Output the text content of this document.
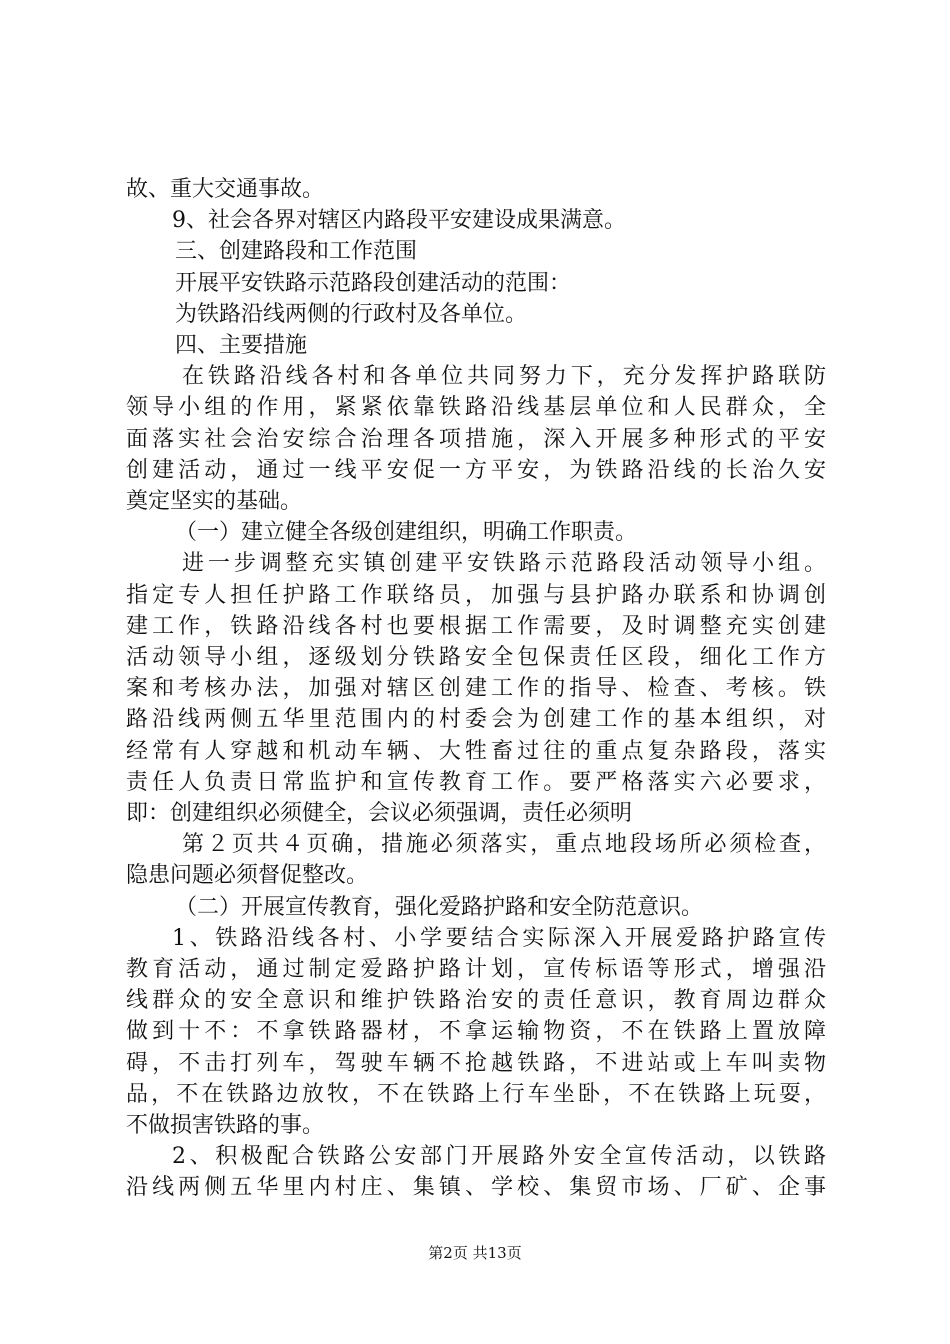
故、重大交通事故。
9、社会各界对辖区内路段平安建设成果满意。
三、创建路段和工作范围
开展平安铁路示范路段创建活动的范围：
为铁路沿线两侧的行政村及各单位。
四、主要措施
在铁路沿线各村和各单位共同努力下，充分发挥护路联防
领导小组的作用，紧紧依靠铁路沿线基层单位和人民群众，全
面落实社会治安综合治理各项措施，深入开展多种形式的平安
创建活动，通过一线平安促一方平安，为铁路沿线的长治久安
奠定坚实的基础。
（一）建立健全各级创建组织，明确工作职责。
进一步调整充实镇创建平安铁路示范路段活动领导小组。
指定专人担任护路工作联络员，加强与县护路办联系和协调创
建工作，铁路沿线各村也要根据工作需要，及时调整充实创建
活动领导小组，逐级划分铁路安全包保责任区段，细化工作方
案和考核办法，加强对辖区创建工作的指导、检查、考核。铁
路沿线两侧五华里范围内的村委会为创建工作的基本组织，对
经常有人穿越和机动车辆、大牲畜过往的重点复杂路段，落实
责任人负责日常监护和宣传教育工作。要严格落实六必要求，
即：创建组织必须健全，会议必须强调，责任必须明
第２页共４页确，措施必须落实，重点地段场所必须检查，
隐患问题必须督促整改。
（二）开展宣传教育，强化爱路护路和安全防范意识。
1、铁路沿线各村、小学要结合实际深入开展爱路护路宣传
教育活动，通过制定爱路护路计划，宣传标语等形式，增强沿
线群众的安全意识和维护铁路治安的责任意识，教育周边群众
做到十不：不拿铁路器材，不拿运输物资，不在铁路上置放障
碍，不击打列车，驾驶车辆不抢越铁路，不进站或上车叫卖物
品，不在铁路边放牧，不在铁路上行车坐卧，不在铁路上玩耍，
不做损害铁路的事。
2、积极配合铁路公安部门开展路外安全宣传活动，以铁路
沿线两侧五华里内村庄、集镇、学校、集贸市场、厂矿、企事
第2页 共13页
